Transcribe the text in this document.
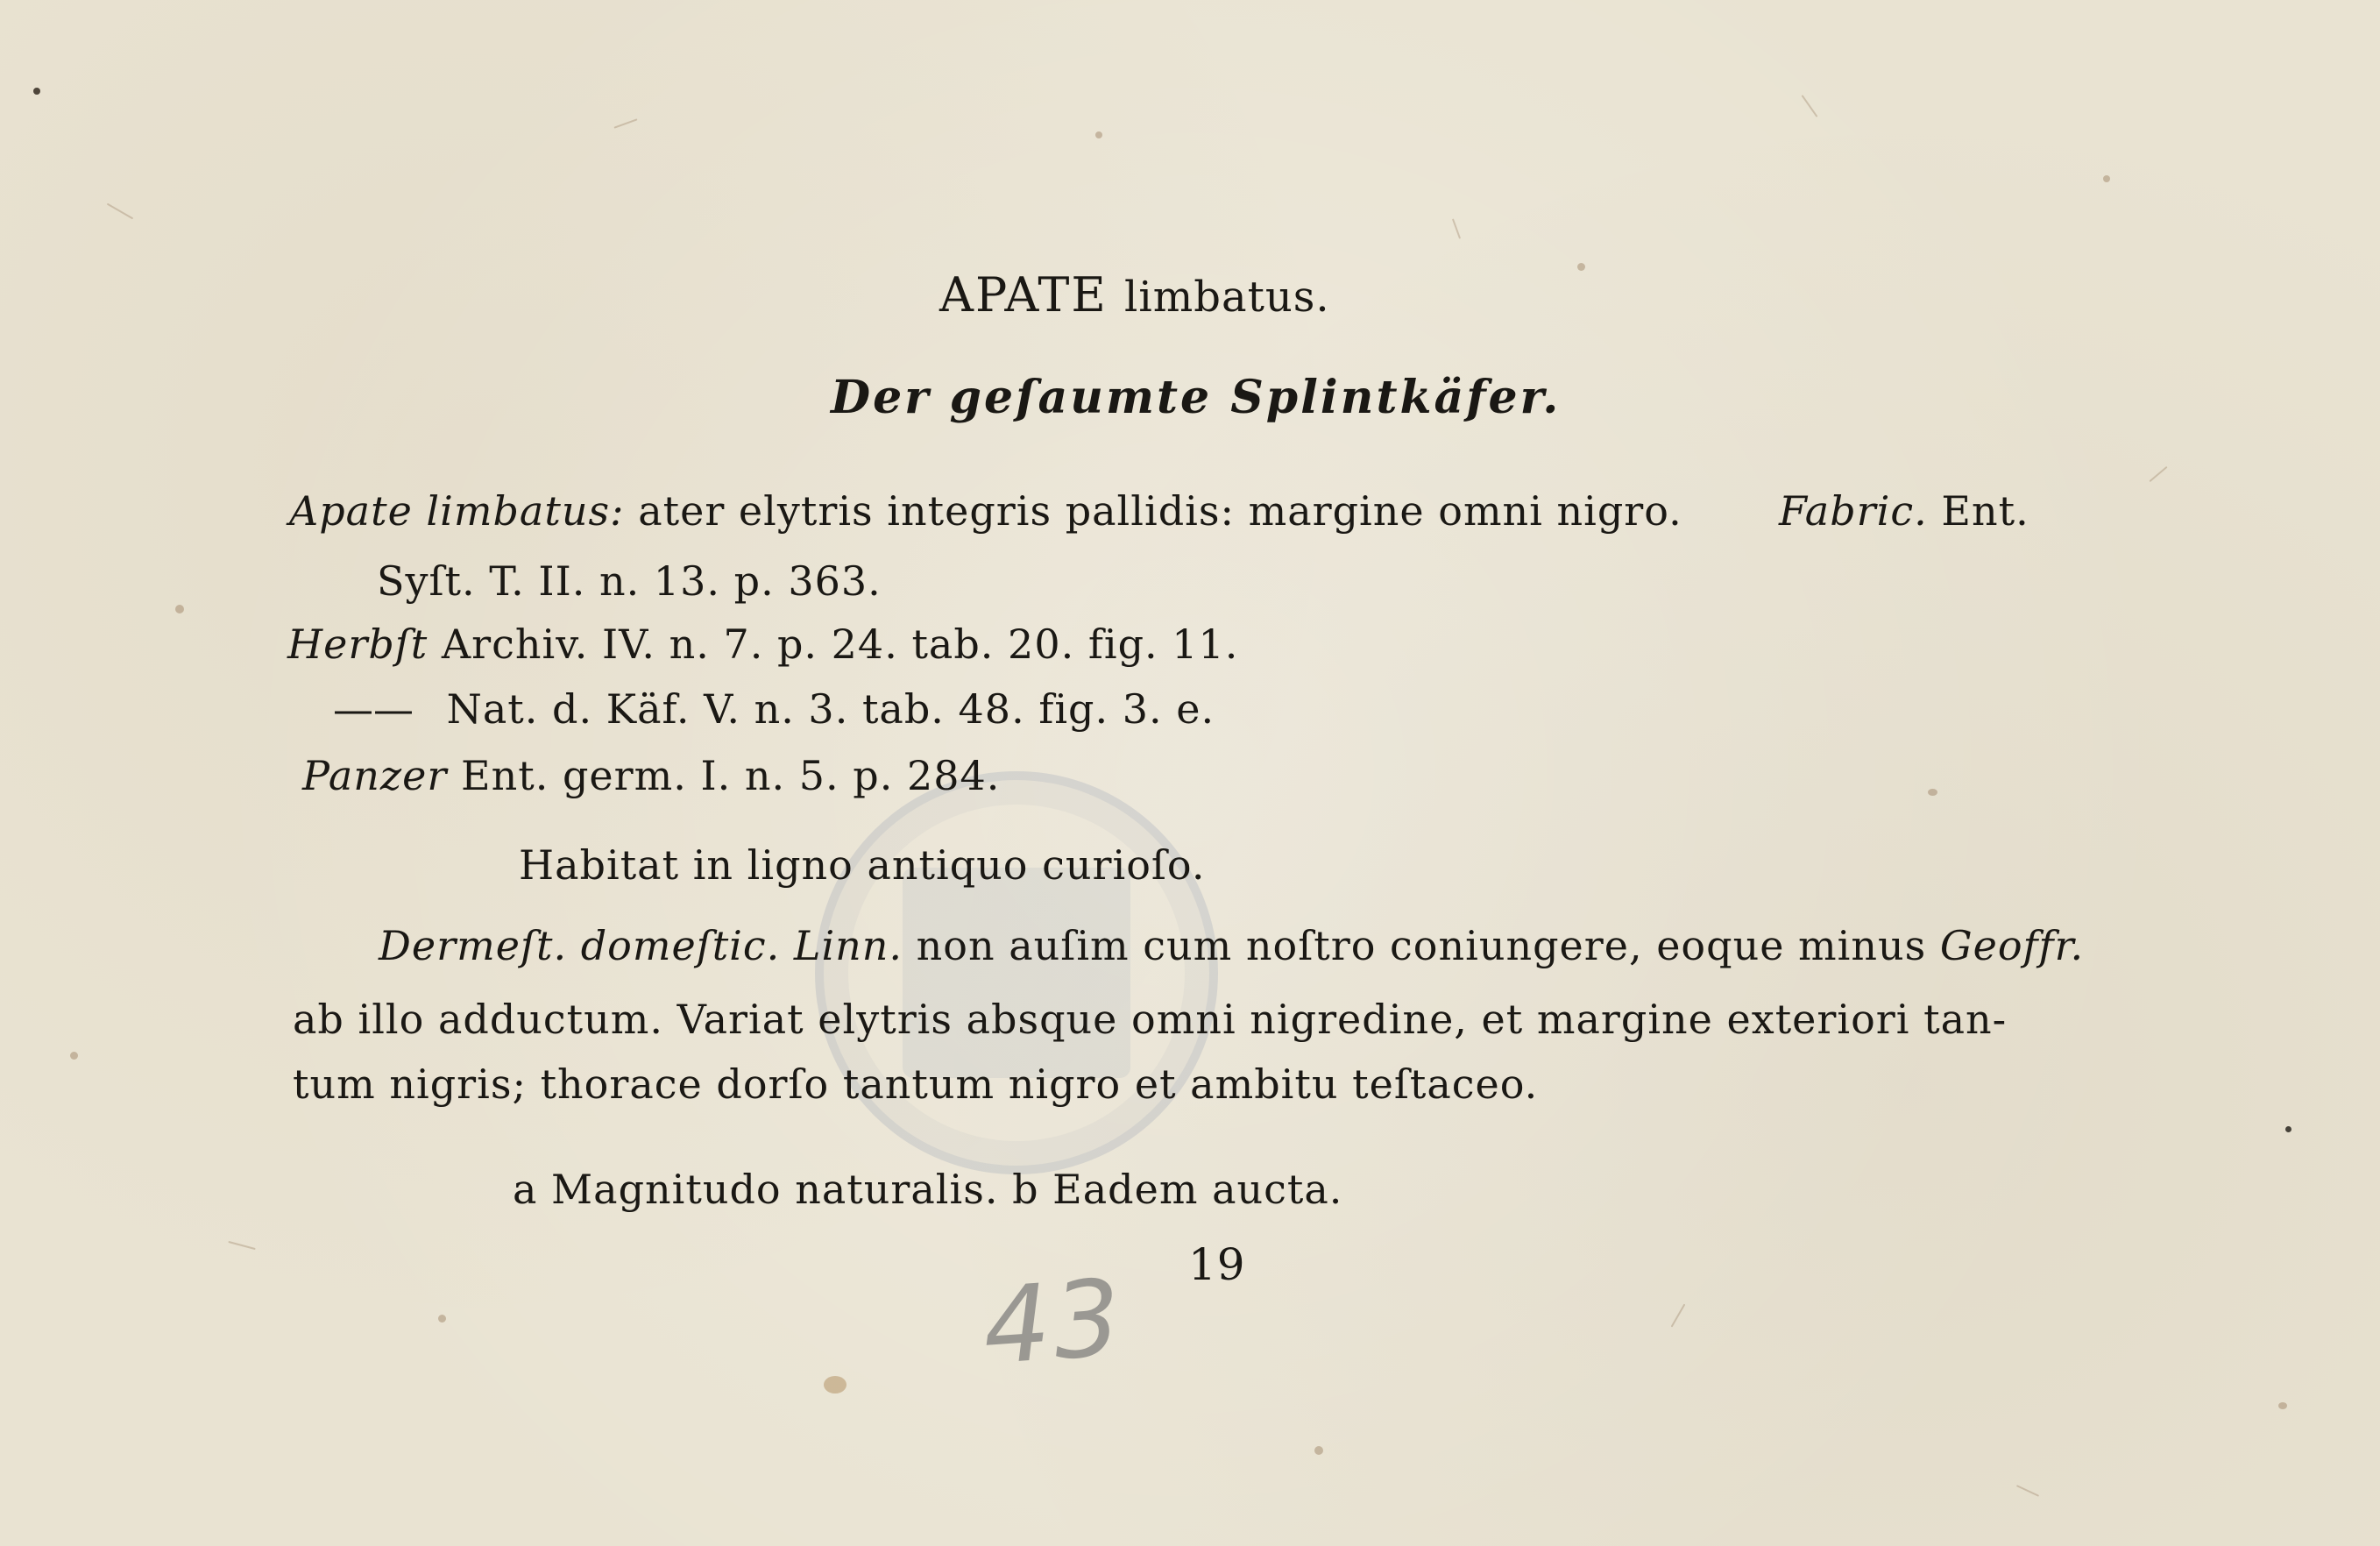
APATE limbatus.
Der geſaumte Splintkäfer.
Apate limbatus: ater elytris integris pallidis: margine omni nigro. Fabric. Ent.
Syſt. T. II. n. 13. p. 363.
Herbſt Archiv. IV. n. 7. p. 24. tab. 20. fig. 11.
—— Nat. d. Käf. V. n. 3. tab. 48. fig. 3. e.
Panzer Ent. germ. I. n. 5. p. 284.
Habitat in ligno antiquo curioſo.
Dermeſt. domeſtic. Linn. non auſim cum noſtro coniungere, eoque minus Geoffr.
ab illo adductum. Variat elytris absque omni nigredine, et margine exteriori tan-
tum nigris; thorace dorſo tantum nigro et ambitu teſtaceo.
a Magnitudo naturalis. b Eadem aucta.
19
43
